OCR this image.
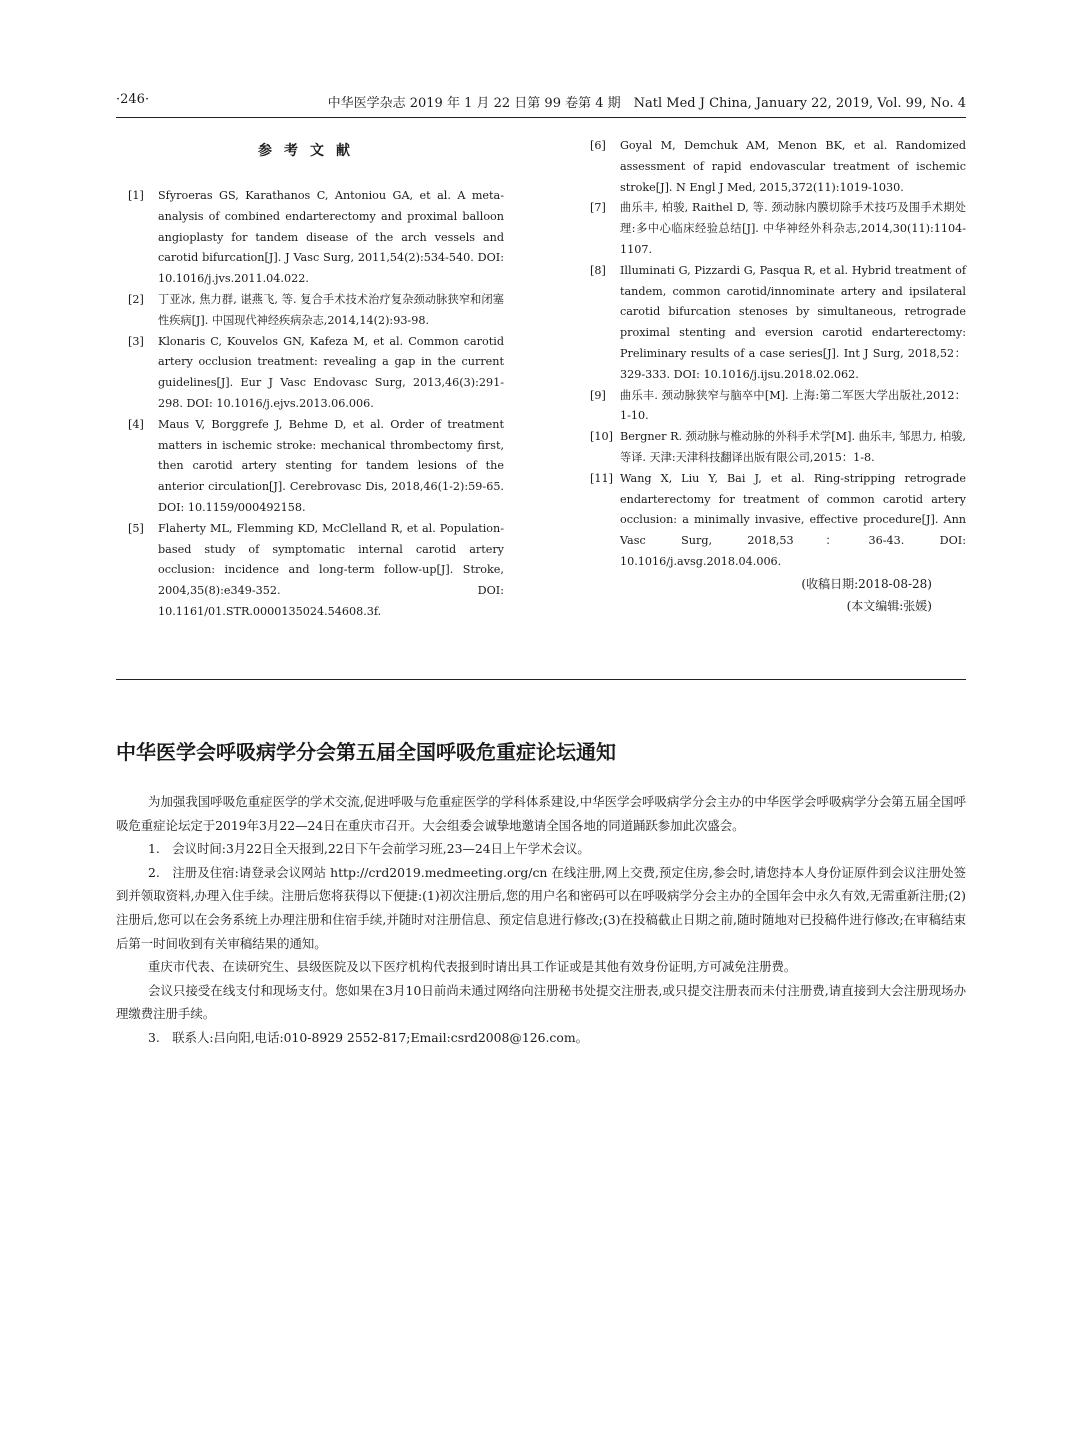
·246·	中华医学杂志 2019 年 1 月 22 日第 99 卷第 4 期　Natl Med J China, January 22, 2019, Vol. 99, No. 4
参考文献
[1]	Sfyroeras GS, Karathanos C, Antoniou GA, et al. A meta-analysis of combined endarterectomy and proximal balloon angioplasty for tandem disease of the arch vessels and carotid bifurcation[J]. J Vasc Surg, 2011,54(2):534-540. DOI: 10.1016/j.jvs.2011.04.022.
[2]	丁亚冰, 焦力群, 谌燕飞, 等. 复合手术技术治疗复杂颈动脉狭窄和闭塞性疾病[J]. 中国现代神经疾病杂志,2014,14(2):93-98.
[3]	Klonaris C, Kouvelos GN, Kafeza M, et al. Common carotid artery occlusion treatment: revealing a gap in the current guidelines[J]. Eur J Vasc Endovasc Surg, 2013,46(3):291-298. DOI: 10.1016/j.ejvs.2013.06.006.
[4]	Maus V, Borggrefe J, Behme D, et al. Order of treatment matters in ischemic stroke: mechanical thrombectomy first, then carotid artery stenting for tandem lesions of the anterior circulation[J]. Cerebrovasc Dis, 2018,46(1-2):59-65. DOI: 10.1159/000492158.
[5]	Flaherty ML, Flemming KD, McClelland R, et al. Population-based study of symptomatic internal carotid artery occlusion: incidence and long-term follow-up[J]. Stroke, 2004,35(8):e349-352. DOI: 10.1161/01.STR.0000135024.54608.3f.
[6]	Goyal M, Demchuk AM, Menon BK, et al. Randomized assessment of rapid endovascular treatment of ischemic stroke[J]. N Engl J Med, 2015,372(11):1019-1030.
[7]	曲乐丰, 柏骏, Raithel D, 等. 颈动脉内膜切除手术技巧及围手术期处理:多中心临床经验总结[J]. 中华神经外科杂志,2014,30(11):1104-1107.
[8]	Illuminati G, Pizzardi G, Pasqua R, et al. Hybrid treatment of tandem, common carotid/innominate artery and ipsilateral carotid bifurcation stenoses by simultaneous, retrograde proximal stenting and eversion carotid endarterectomy: Preliminary results of a case series[J]. Int J Surg, 2018,52：329-333. DOI: 10.1016/j.ijsu.2018.02.062.
[9]	曲乐丰. 颈动脉狭窄与脑卒中[M]. 上海:第二军医大学出版社,2012：1-10.
[10] Bergner R. 颈动脉与椎动脉的外科手术学[M]. 曲乐丰, 邹思力, 柏骏, 等译. 天津:天津科技翻译出版有限公司,2015：1-8.
[11] Wang X, Liu Y, Bai J, et al. Ring-stripping retrograde endarterectomy for treatment of common carotid artery occlusion: a minimally invasive, effective procedure[J]. Ann Vasc Surg, 2018,53：36-43. DOI: 10.1016/j.avsg.2018.04.006.
(收稿日期:2018-08-28)
(本文编辑:张媛)
中华医学会呼吸病学分会第五届全国呼吸危重症论坛通知

为加强我国呼吸危重症医学的学术交流,促进呼吸与危重症医学的学科体系建设,中华医学会呼吸病学分会主办的中华医学会呼吸病学分会第五届全国呼吸危重症论坛定于2019年3月22—24日在重庆市召开。大会组委会诚挚地邀请全国各地的同道踊跃参加此次盛会。

1.　会议时间:3月22日全天报到,22日下午会前学习班,23—24日上午学术会议。

2.　注册及住宿:请登录会议网站 http://crd2019.medmeeting.org/cn 在线注册,网上交费,预定住房,参会时,请您持本人身份证原件到会议注册处签到并领取资料,办理入住手续。注册后您将获得以下便捷:(1)初次注册后,您的用户名和密码可以在呼吸病学分会主办的全国年会中永久有效,无需重新注册;(2)注册后,您可以在会务系统上办理注册和住宿手续,并随时对注册信息、预定信息进行修改;(3)在投稿截止日期之前,随时随地对已投稿件进行修改;在审稿结束后第一时间收到有关审稿结果的通知。

重庆市代表、在读研究生、县级医院及以下医疗机构代表报到时请出具工作证或是其他有效身份证明,方可减免注册费。

会议只接受在线支付和现场支付。您如果在3月10日前尚未通过网络向注册秘书处提交注册表,或只提交注册表而未付注册费,请直接到大会注册现场办理缴费注册手续。

3.　联系人:吕向阳,电话:010-8929 2552-817;Email:csrd2008@126.com。
